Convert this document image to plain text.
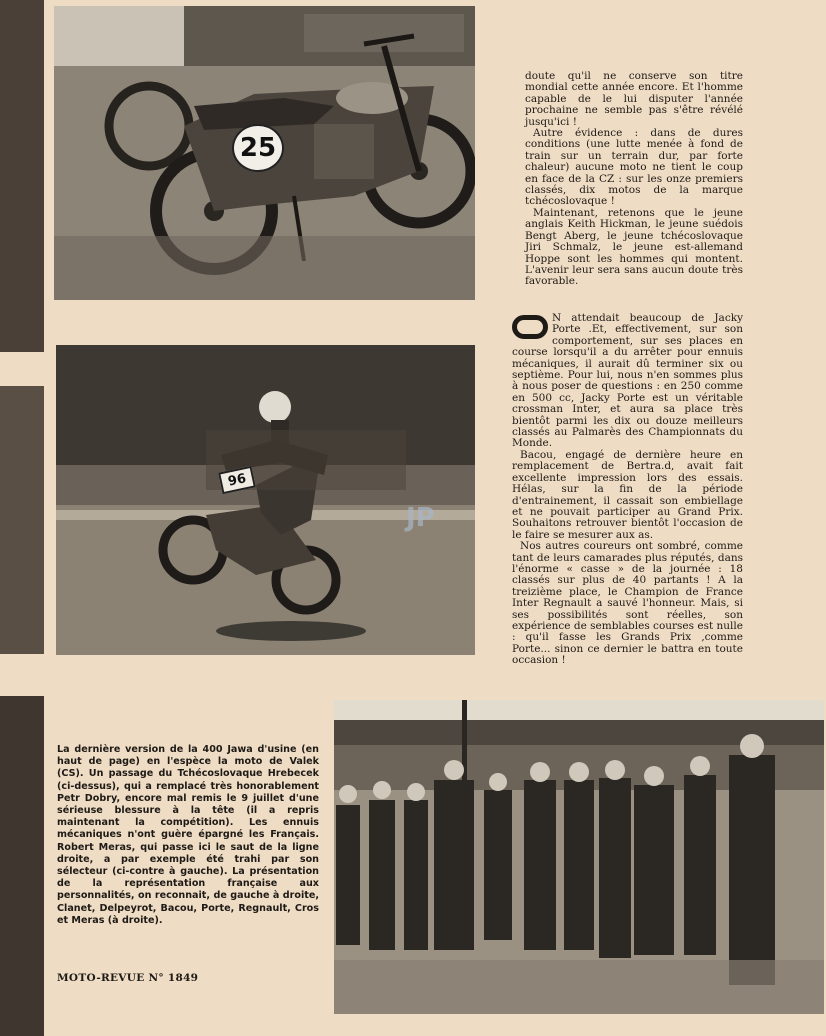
25
96
JP

doute qu'il ne conserve son titre mondial cette année encore. Et l'homme capable de le lui disputer l'année prochaine ne semble pas s'être révélé jusqu'ici !

Autre évidence : dans de dures conditions (une lutte menée à fond de train sur un terrain dur, par forte chaleur) aucune moto ne tient le coup en face de la CZ : sur les onze premiers classés, dix motos de la marque tchécoslovaque !

Maintenant, retenons que le jeune anglais Keith Hickman, le jeune suédois Bengt Aberg, le jeune tchécoslovaque Jiri Schmalz, le jeune est-allemand Hoppe sont les hommes qui montent. L'avenir leur sera sans aucun doute très favorable.

N attendait beaucoup de Jacky Porte .Et, effectivement, sur son comportement, sur ses places en course lorsqu'il a du arrêter pour ennuis mécaniques, il aurait dû terminer six ou septième. Pour lui, nous n'en sommes plus à nous poser de questions : en 250 comme en 500 cc, Jacky Porte est un véritable crossman Inter, et aura sa place très bientôt parmi les dix ou douze meilleurs classés au Palmarès des Championnats du Monde.

Bacou, engagé de dernière heure en remplacement de Bertra.d, avait fait excellente impression lors des essais. Hélas, sur la fin de la période d'entrainement, il cassait son embiellage et ne pouvait participer au Grand Prix. Souhaitons retrouver bientôt l'occasion de le faire se mesurer aux as.

Nos autres coureurs ont sombré, comme tant de leurs camarades plus réputés, dans l'énorme « casse » de la journée : 18 classés sur plus de 40 partants ! A la treizième place, le Champion de France Inter Regnault a sauvé l'honneur. Mais, si ses possibilités sont réelles, son expérience de semblables courses est nulle : qu'il fasse les Grands Prix ,comme Porte... sinon ce dernier le battra en toute occasion !

La dernière version de la 400 Jawa d'usine (en haut de page) en l'espèce la moto de Valek (CS). Un passage du Tchécoslovaque Hrebecek (ci-dessus), qui a remplacé très honorablement Petr Dobry, encore mal remis le 9 juillet d'une sérieuse blessure à la tête (il a repris maintenant la compétition). Les ennuis mécaniques n'ont guère épargné les Français. Robert Meras, qui passe ici le saut de la ligne droite, a par exemple été trahi par son sélecteur (ci-contre à gauche). La présentation de la représentation française aux personnalités, on reconnait, de gauche à droite, Clanet, Delpeyrot, Bacou, Porte, Regnault, Cros et Meras (à droite).
MOTO-REVUE N° 1849
